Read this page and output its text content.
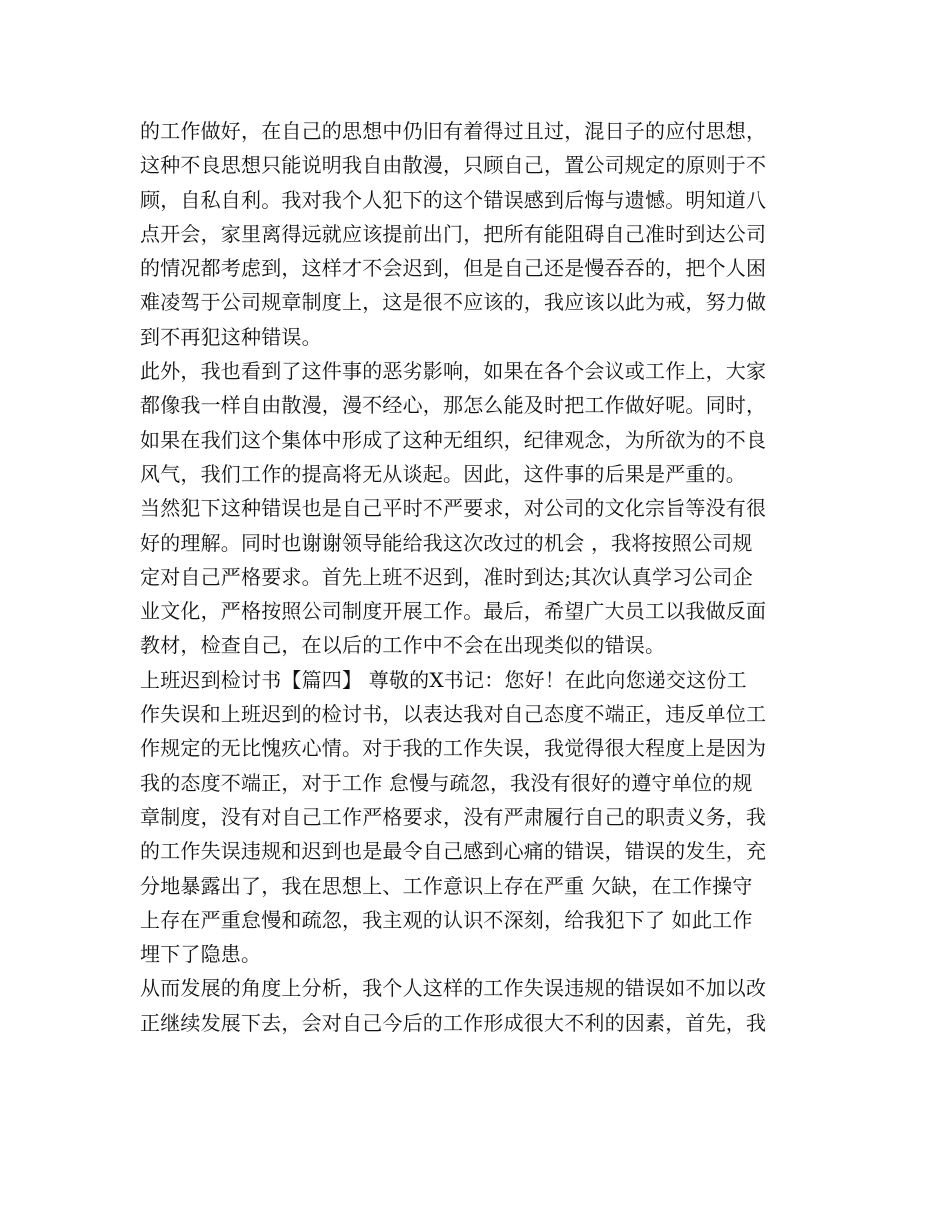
的工作做好，在自己的思想中仍旧有着得过且过，混日子的应付思想，
这种不良思想只能说明我自由散漫，只顾自己，置公司规定的原则于不
顾，自私自利。我对我个人犯下的这个错误感到后悔与遗憾。明知道八
点开会，家里离得远就应该提前出门，把所有能阻碍自己准时到达公司
的情况都考虑到，这样才不会迟到，但是自己还是慢吞吞的，把个人困
难凌驾于公司规章制度上，这是很不应该的，我应该以此为戒，努力做
到不再犯这种错误。
此外，我也看到了这件事的恶劣影响，如果在各个会议或工作上，大家
都像我一样自由散漫，漫不经心，那怎么能及时把工作做好呢。同时，
如果在我们这个集体中形成了这种无组织，纪律观念，为所欲为的不良
风气，我们工作的提高将无从谈起。因此，这件事的后果是严重的。
当然犯下这种错误也是自己平时不严要求，对公司的文化宗旨等没有很
好的理解。同时也谢谢领导能给我这次改过的机会 ，我将按照公司规
定对自己严格要求。首先上班不迟到，准时到达;其次认真学习公司企
业文化，严格按照公司制度开展工作。最后，希望广大员工以我做反面
教材，检查自己，在以后的工作中不会在出现类似的错误。
上班迟到检讨书【篇四】 尊敬的X书记：您好！在此向您递交这份工
作失误和上班迟到的检讨书，以表达我对自己态度不端正，违反单位工
作规定的无比愧疚心情。对于我的工作失误，我觉得很大程度上是因为
我的态度不端正，对于工作 怠慢与疏忽，我没有很好的遵守单位的规
章制度，没有对自己工作严格要求，没有严肃履行自己的职责义务，我
的工作失误违规和迟到也是最令自己感到心痛的错误，错误的发生，充
分地暴露出了，我在思想上、工作意识上存在严重 欠缺，在工作操守
上存在严重怠慢和疏忽，我主观的认识不深刻，给我犯下了 如此工作
埋下了隐患。
从而发展的角度上分析，我个人这样的工作失误违规的错误如不加以改
正继续发展下去，会对自己今后的工作形成很大不利的因素，首先，我
